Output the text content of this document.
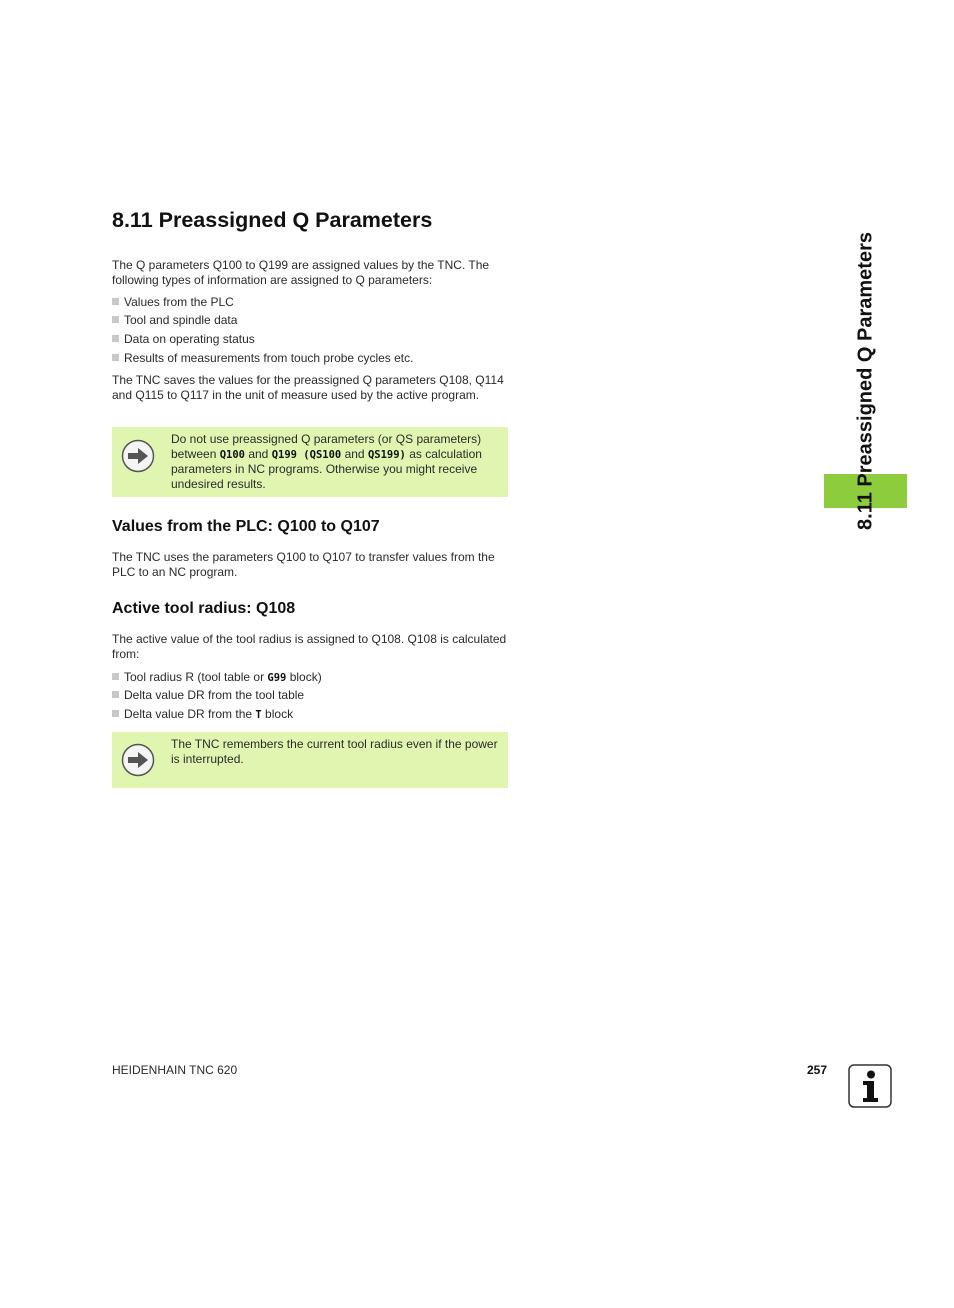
8.11 Preassigned Q Parameters

The Q parameters Q100 to Q199 are assigned values by the TNC. The following types of information are assigned to Q parameters:

Values from the PLC
Tool and spindle data
Data on operating status
Results of measurements from touch probe cycles etc.

The TNC saves the values for the preassigned Q parameters Q108, Q114 and Q115 to Q117 in the unit of measure used by the active program.

Do not use preassigned Q parameters (or QS parameters) between Q100 and Q199 (QS100 and QS199) as calculation parameters in NC programs. Otherwise you might receive undesired results.

Values from the PLC: Q100 to Q107

The TNC uses the parameters Q100 to Q107 to transfer values from the PLC to an NC program.

Active tool radius: Q108

The active value of the tool radius is assigned to Q108. Q108 is calculated from:

Tool radius R (tool table or G99 block)
Delta value DR from the tool table
Delta value DR from the T block

The TNC remembers the current tool radius even if the power is interrupted.

8.11 Preassigned Q Parameters
HEIDENHAIN TNC 620	257
